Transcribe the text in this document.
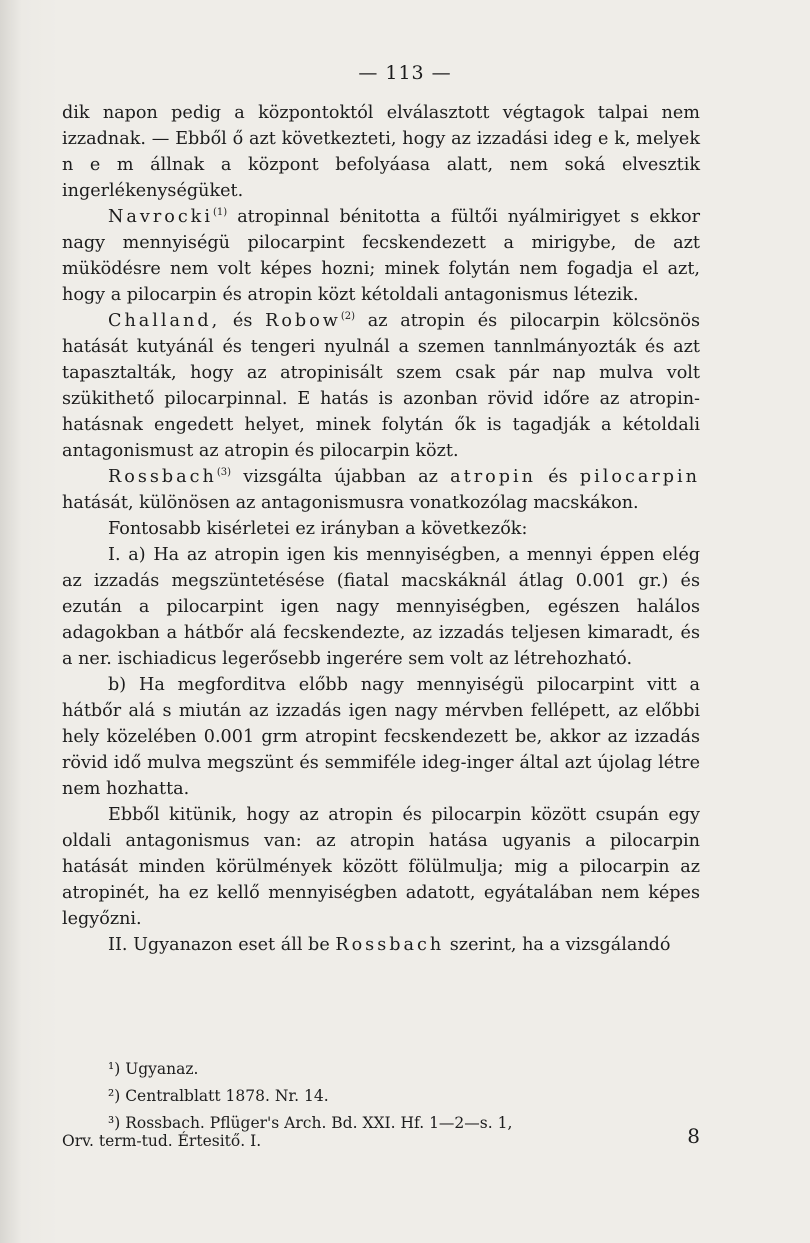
— 113 —

dik napon pedig a központoktól elválasztott végtagok talpai nem izzadnak. — Ebből ő azt következteti, hogy az izzadási ideg e k, melyek n e m állnak a központ befolyáasa alatt, nem soká elvesztik ingerlékenységüket.

Navrocki$^{(1)}$ atropinnal bénitotta a fültői nyálmirigyet s ekkor nagy mennyiségü pilocarpint fecskendezett a mirigybe, de azt müködésre nem volt képes hozni; minek folytán nem fogadja el azt, hogy a pilocarpin és atropin közt kétoldali antagonismus létezik.

Challand, és Robow$^{(2)}$ az atropin és pilocarpin kölcsönös hatását kutyánál és tengeri nyulnál a szemen tannlmányozták és azt tapasztalták, hogy az atropinisált szem csak pár nap mulva volt szükithető pilocarpinnal. E hatás is azonban rövid időre az atropin-hatásnak engedett helyet, minek folytán ők is tagadják a kétoldali antagonismust az atropin és pilocarpin közt.

Rossbach$^{(3)}$ vizsgálta újabban az atropin és pilocarpin hatását, különösen az antagonismusra vonatkozólag macskákon.

Fontosabb kisérletei ez irányban a következők:

I. a) Ha az atropin igen kis mennyiségben, a mennyi éppen elég az izzadás megszüntetésése (fiatal macskáknál átlag 0.001 gr.) és ezután a pilocarpint igen nagy mennyiségben, egészen halálos adagokban a hátbőr alá fecskendezte, az izzadás teljesen kimaradt, és a ner. ischiadicus legerősebb ingerére sem volt az létrehozható.

b) Ha megforditva előbb nagy mennyiségü pilocarpint vitt a hátbőr alá s miután az izzadás igen nagy mérvben fellépett, az előbbi hely közelében 0.001 grm atropint fecskendezett be, akkor az izzadás rövid idő mulva megszünt és semmiféle ideg-inger által azt újolag létre nem hozhatta.

Ebből kitünik, hogy az atropin és pilocarpin között csupán egy oldali antagonismus van: az atropin hatása ugyanis a pilocarpin hatását minden körülmények között fölülmulja; mig a pilocarpin az atropinét, ha ez kellő mennyiségben adatott, egyátalában nem képes legyőzni.

II. Ugyanazon eset áll be Rossbach szerint, ha a vizsgálandó

¹) Ugyanaz.

²) Centralblatt 1878. Nr. 14.

³) Rossbach. Pflüger's Arch. Bd. XXI. Hf. 1—2—s. 1,

Orv. term-tud. Értesitő. I.	8
